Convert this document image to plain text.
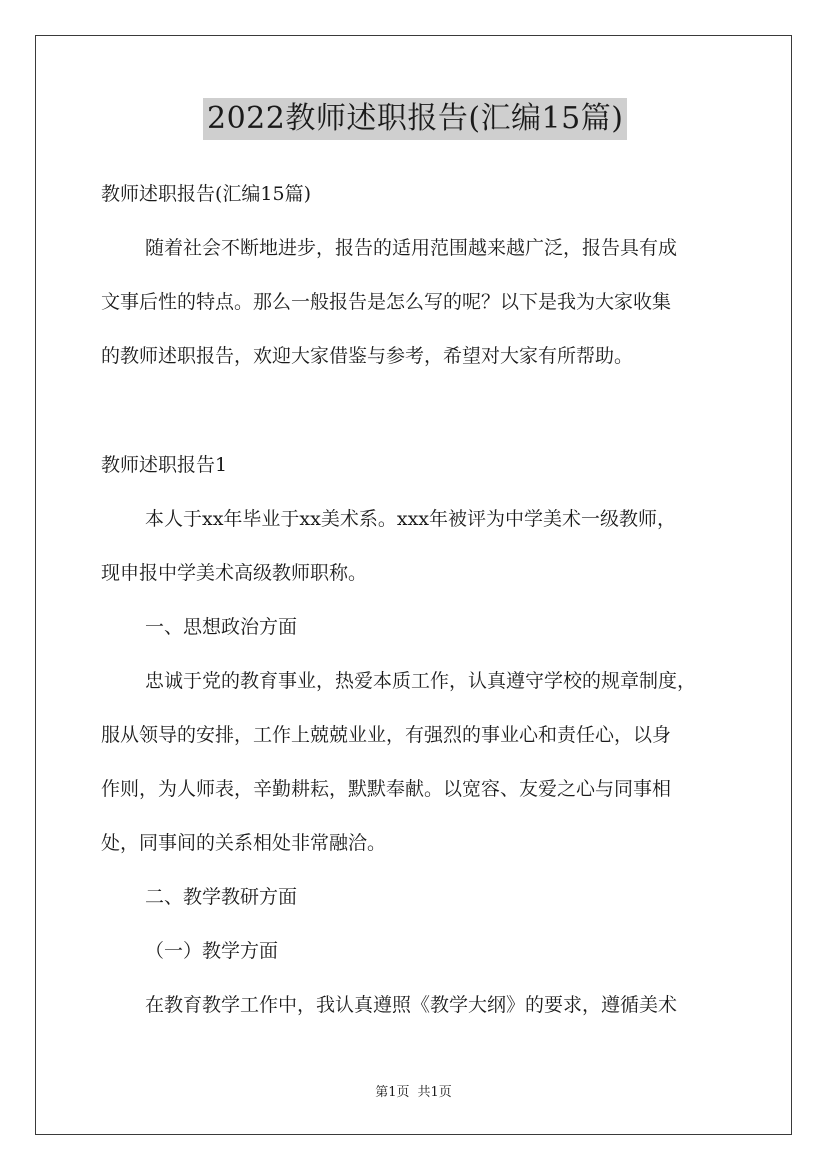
2022教师述职报告(汇编15篇)
教师述职报告(汇编15篇)
随着社会不断地进步，报告的适用范围越来越广泛，报告具有成
文事后性的特点。那么一般报告是怎么写的呢？以下是我为大家收集
的教师述职报告，欢迎大家借鉴与参考，希望对大家有所帮助。
教师述职报告1
本人于xx年毕业于xx美术系。xxx年被评为中学美术一级教师，
现申报中学美术高级教师职称。
一、思想政治方面
忠诚于党的教育事业，热爱本质工作，认真遵守学校的规章制度，
服从领导的安排，工作上兢兢业业，有强烈的事业心和责任心，以身
作则，为人师表，辛勤耕耘，默默奉献。以宽容、友爱之心与同事相
处，同事间的关系相处非常融洽。
二、教学教研方面
（一）教学方面
在教育教学工作中，我认真遵照《教学大纲》的要求，遵循美术
第1页 共1页
